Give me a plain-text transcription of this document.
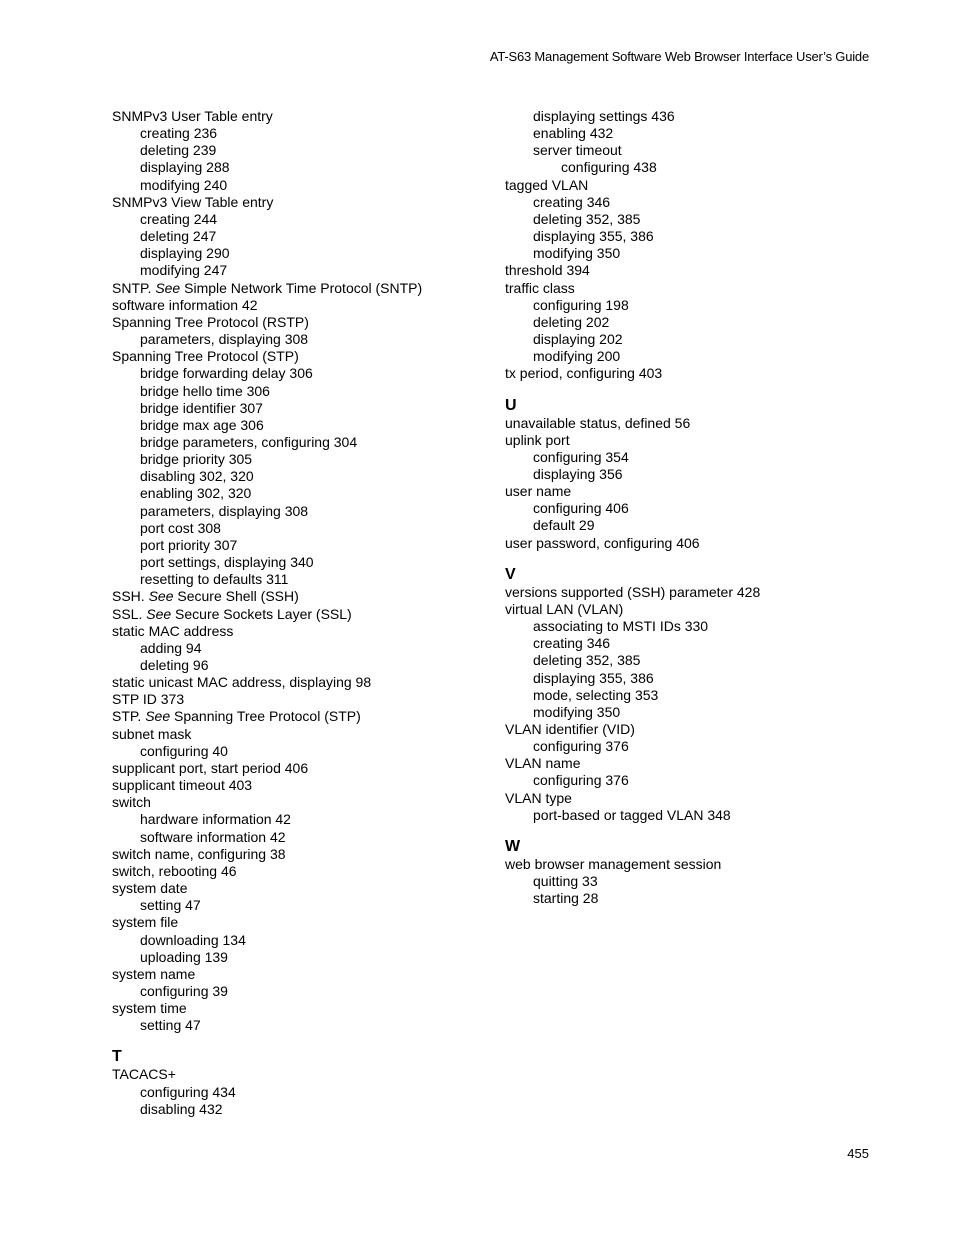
AT-S63 Management Software Web Browser Interface User’s Guide
SNMPv3 User Table entry
creating 236
deleting 239
displaying 288
modifying 240
SNMPv3 View Table entry
creating 244
deleting 247
displaying 290
modifying 247
SNTP. See Simple Network Time Protocol (SNTP)
software information 42
Spanning Tree Protocol (RSTP)
parameters, displaying 308
Spanning Tree Protocol (STP)
bridge forwarding delay 306
bridge hello time 306
bridge identifier 307
bridge max age 306
bridge parameters, configuring 304
bridge priority 305
disabling 302, 320
enabling 302, 320
parameters, displaying 308
port cost 308
port priority 307
port settings, displaying 340
resetting to defaults 311
SSH. See Secure Shell (SSH)
SSL. See Secure Sockets Layer (SSL)
static MAC address
adding 94
deleting 96
static unicast MAC address, displaying 98
STP ID 373
STP. See Spanning Tree Protocol (STP)
subnet mask
configuring 40
supplicant port, start period 406
supplicant timeout 403
switch
hardware information 42
software information 42
switch name, configuring 38
switch, rebooting 46
system date
setting 47
system file
downloading 134
uploading 139
system name
configuring 39
system time
setting 47
T
TACACS+
configuring 434
disabling 432
displaying settings 436
enabling 432
server timeout
configuring 438
tagged VLAN
creating 346
deleting 352, 385
displaying 355, 386
modifying 350
threshold 394
traffic class
configuring 198
deleting 202
displaying 202
modifying 200
tx period, configuring 403
U
unavailable status, defined 56
uplink port
configuring 354
displaying 356
user name
configuring 406
default 29
user password, configuring 406
V
versions supported (SSH) parameter 428
virtual LAN (VLAN)
associating to MSTI IDs 330
creating 346
deleting 352, 385
displaying 355, 386
mode, selecting 353
modifying 350
VLAN identifier (VID)
configuring 376
VLAN name
configuring 376
VLAN type
port-based or tagged VLAN 348
W
web browser management session
quitting 33
starting 28
455
